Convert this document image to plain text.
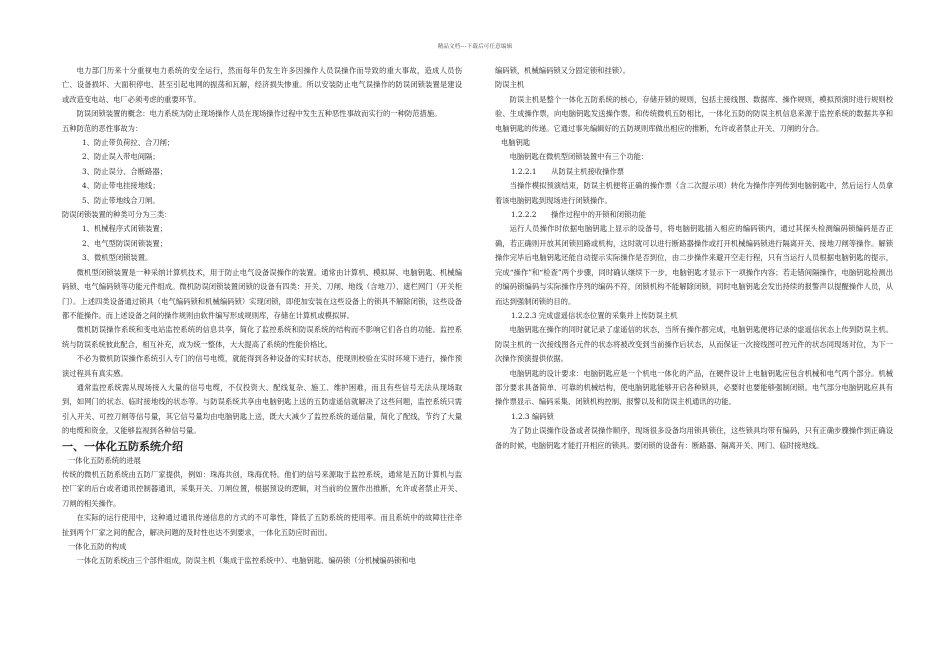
精品文档---下载后可任意编辑

电力部门历来十分重视电力系统的安全运行，然而每年仍发生许多因操作人员误操作而导致的重大事故，造成人员伤亡、设备损坏、大面积停电、甚至引起电网的振荡和瓦解，经济损失惨重。所以安装防止电气误操作的防误闭锁装置是建设或改造变电站、电厂必须考虑的重要环节。

防误闭锁装置的概念：电力系统为防止现场操作人员在现场操作过程中发生五种恶性事故而实行的一种防范措施。

五种防范的恶性事故为：

1、防止带负荷拉、合刀闸；

2、防止误入带电间隔；

3、防止误分、合断路器；

4、防止带电挂接地线；

5、防止带地线合刀闸。

防误闭锁装置的种类可分为三类：

1、机械程序式闭锁装置；

2、电气型防误闭锁装置；

3、微机型闭锁装置。

微机型闭锁装置是一种采纳计算机技术，用于防止电气设备误操作的装置。通常由计算机、模拟屏、电脑钥匙、机械编码锁、电气编码锁等功能元件组成。微机防误闭锁装置闭锁的设备有四类：开关、刀闸、地线（含地刀）、遮栏网门（开关柜门）。上述四类设备通过锁具（电气编码锁和机械编码锁）实现闭锁，即使加安装在这些设备上的锁具不解除闭锁，这些设备都不能操作。而上述设备之间的操作规则由软件编写形成规则库，存储在计算机或模拟屏。

微机防误操作系统和变电站监控系统的信息共享，简化了监控系统和防误系统的结构而不影响它们各自的功能。监控系统与防误系统彼此配合，相互补充，成为统一整体，大大提高了系统的性能价格比。

不必为微机防误操作系统引入专门的信号电缆，就能得到各种设备的实时状态，使现则校验在实时环境下进行，操作预演过程具有真实感。

通常监控系统需从现场接入大量的信号电缆，不仅投资大、配线复杂、施工、维护困难，而且有些信号无法从现场取到，如网门的状态、临时接地线的状态等。与防误系统共享由电脑钥匙上送的五防虚遥信就解决了这些问题，监控系统只需引入开关、可控刀闸等信号量，其它信号量均由电脑钥匙上送，既大大减少了监控系统的遥信量，简化了配线，节约了大量的电缆和资金，又能够监视到各种信号量。

一、一体化五防系统介绍

一体化五防系统的进展

传统的微机五防系统由五防厂家提供，例如：珠海共创，珠海优特。他们的信号来源取于监控系统，通常是五防计算机与监控厂家的后台或者通讯控制器通讯，采集开关、刀闸位置，根据预设的逻辑，对当前的位置作出推断，允许或者禁止开关、刀闸的相关操作。

在实际的运行使用中，这种通过通讯传递信息的方式的不可靠性，降低了五防系统的使用率。而且系统中的故障往往牵扯到两个厂家之间的配合，解决问题的及时性也达不到要求，一体化五防应时而出。

一体化五防的构成

一体化五防系统由三个部件组成，防误主机（集成于监控系统中）、电脑钥匙、编码锁（分机械编码锁和电

编码锁，机械编码锁又分固定锁和挂锁）。

防误主机

防误主机是整个一体化五防系统的核心，存储开锁的规则，包括主接线图、数据库、操作规则，模拟预演时进行规则校验、生成操作票，向电脑钥匙发送操作票。和传统微机五防相比，一体化五防的防误主机信息来源于监控系统的数据共享和电脑钥匙的传递。它通过事先编辑好的五防规则库做出相应的推断，允许或者禁止开关、刀闸的分合。

电脑钥匙

电脑钥匙在微机型闭锁装置中有三个功能：

1.2.2.1　　从防误主机接收操作票

当操作模拟预演结束，防误主机便将正确的操作票（含二次提示项）转化为操作序列传到电脑钥匙中，然后运行人员拿着该电脑钥匙到现场进行闭锁操作。

1.2.2.2　　操作过程中的开锁和闭锁功能

运行人员操作时依据电脑钥匙上显示的设备号，将电脑钥匙插入相应的编码锁内，通过其探头检测编码锁编码是否正确，若正确则开放其闭锁回路或机构，这时就可以进行断路器操作或打开机械编码锁进行隔离开关、接地刀闸等操作。解锁操作完毕后电脑钥匙还能自动提示实际操作是否到位，由二步操作来避开空走行程，只有当运行人员根据电脑钥匙的提示，完成“操作”和“检查”两个步骤，同时确认继续下一步，电脑钥匙才显示下一项操作内容；若走错间隔操作，电脑钥匙检测出的编码锁编码与实际操作序列的编码不符，闭锁机构不能解除闭锁，同时电脑钥匙会发出持续的报警声以提醒操作人员，从而达到强制闭锁的目的。

1.2.2.3 完成虚遥信状态位置的采集并上传防误主机

电脑钥匙在操作的同时就记录了虚遥信的状态，当所有操作都完成，电脑钥匙便将记录的虚遥信状态上传到防误主机。防误主机的一次接线图各元件的状态将被改变到当前操作后状态，从而保证一次接线图可控元件的状态同现场对位，为下一次操作预演提供依据。

电脑钥匙的设计要求：电脑钥匙应是一个机电一体化的产品，在硬件设计上电脑钥匙应包含机械和电气两个部分。机械部分要求具备简单、可靠的机械结构，使电脑钥匙能够开启各种锁具，必要时也要能够强制闭锁。电气部分电脑钥匙应具有操作票显示、编码采集、闭锁机构控制、报警以及和防误主机通讯的功能。

1.2.3 编码锁

为了防止误操作设备或者误操作顺序，现场很多设备均用锁具锁住，这些锁具均带有编码，只有正确步骤操作到正确设备的时候，电脑钥匙才能打开相应的锁具。要闭锁的设备有：断路器、隔离开关、网门、临时接地线。
